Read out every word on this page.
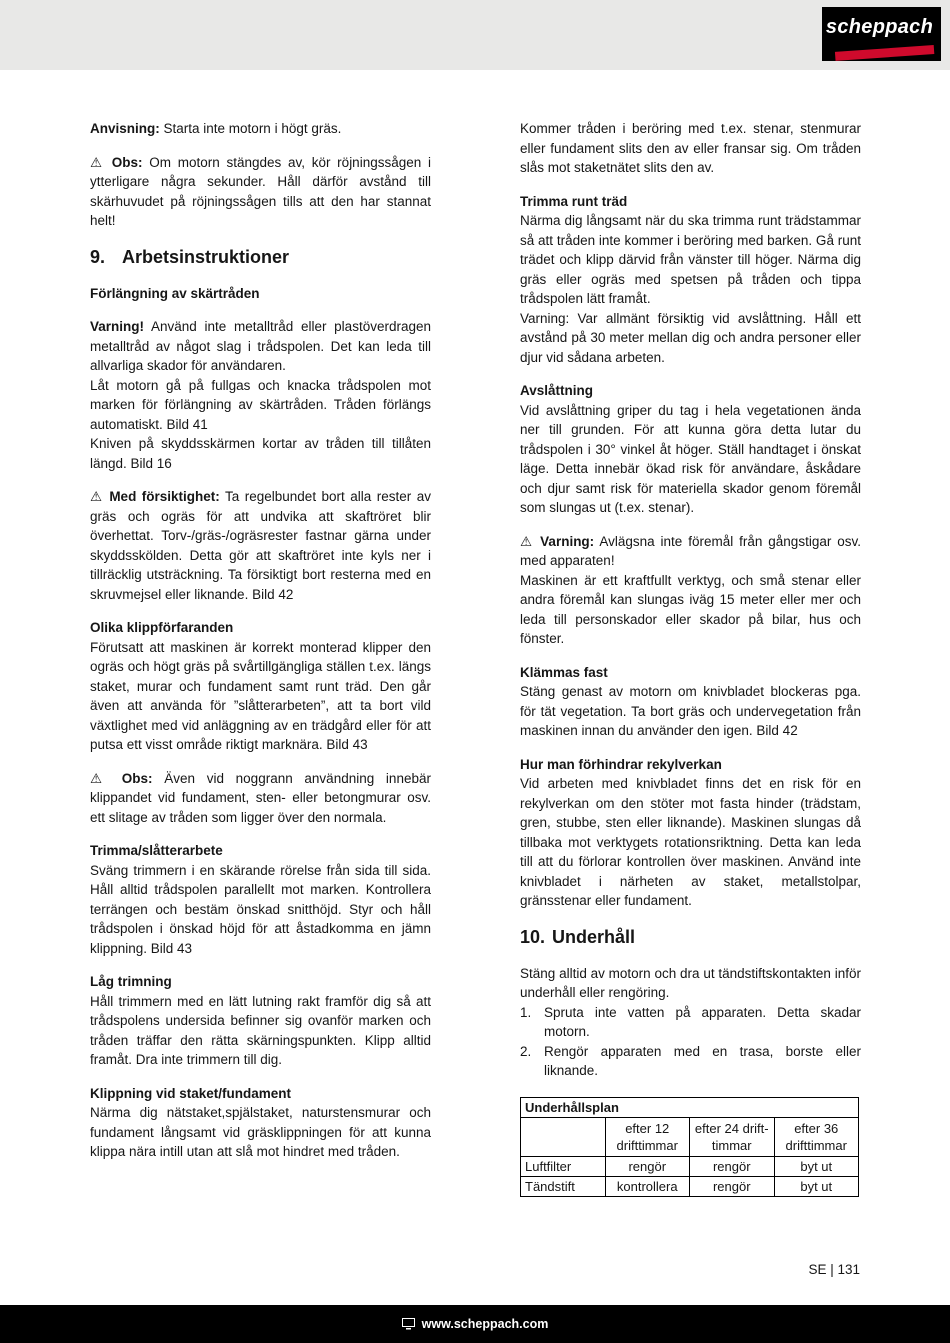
scheppach

Anvisning: Starta inte motorn i högt gräs.

⚠ Obs: Om motorn stängdes av, kör röjningssågen i ytterligare några sekunder. Håll därför avstånd till skärhuvudet på röjningssågen tills att den har stannat helt!

9. Arbetsinstruktioner
Förlängning av skärtråden

Varning! Använd inte metalltråd eller plastöverdragen metalltråd av något slag i trådspolen. Det kan leda till allvarliga skador för användaren.

Låt motorn gå på fullgas och knacka trådspolen mot marken för förlängning av skärtråden. Tråden förlängs automatiskt. Bild 41

Kniven på skyddsskärmen kortar av tråden till tillåten längd. Bild 16

⚠ Med försiktighet: Ta regelbundet bort alla rester av gräs och ogräs för att undvika att skaftröret blir överhettat. Torv-/gräs-/ogräsrester fastnar gärna under skyddsskölden. Detta gör att skaftröret inte kyls ner i tillräcklig utsträckning. Ta försiktigt bort resterna med en skruvmejsel eller liknande. Bild 42

Olika klippförfaranden

Förutsatt att maskinen är korrekt monterad klipper den ogräs och högt gräs på svårtillgängliga ställen t.ex. längs staket, murar och fundament samt runt träd. Den går även att använda för ”slåtterarbeten”, att ta bort vild växtlighet med vid anläggning av en trädgård eller för att putsa ett visst område riktigt marknära. Bild 43

⚠ Obs: Även vid noggrann användning innebär klippandet vid fundament, sten- eller betongmurar osv. ett slitage av tråden som ligger över den normala.

Trimma/slåtterarbete

Sväng trimmern i en skärande rörelse från sida till sida. Håll alltid trådspolen parallellt mot marken. Kontrollera terrängen och bestäm önskad snitthöjd. Styr och håll trådspolen i önskad höjd för att åstadkomma en jämn klippning. Bild 43

Låg trimning

Håll trimmern med en lätt lutning rakt framför dig så att trådspolens undersida befinner sig ovanför marken och tråden träffar den rätta skärningspunkten. Klipp alltid framåt. Dra inte trimmern till dig.

Klippning vid staket/fundament

Närma dig nätstaket,spjälstaket, naturstensmurar och fundament långsamt vid gräsklippningen för att kunna klippa nära intill utan att slå mot hindret med tråden.

Kommer tråden i beröring med t.ex. stenar, stenmurar eller fundament slits den av eller fransar sig. Om tråden slås mot staketnätet slits den av.

Trimma runt träd

Närma dig långsamt när du ska trimma runt trädstammar så att tråden inte kommer i beröring med barken. Gå runt trädet och klipp därvid från vänster till höger. Närma dig gräs eller ogräs med spetsen på tråden och tippa trådspolen lätt framåt.

Varning: Var allmänt försiktig vid avslåttning. Håll ett avstånd på 30 meter mellan dig och andra personer eller djur vid sådana arbeten.

Avslåttning

Vid avslåttning griper du tag i hela vegetationen ända ner till grunden. För att kunna göra detta lutar du trådspolen i 30° vinkel åt höger. Ställ handtaget i önskat läge. Detta innebär ökad risk för användare, åskådare och djur samt risk för materiella skador genom föremål som slungas ut (t.ex. stenar).

⚠ Varning: Avlägsna inte föremål från gångstigar osv. med apparaten!

Maskinen är ett kraftfullt verktyg, och små stenar eller andra föremål kan slungas iväg 15 meter eller mer och leda till personskador eller skador på bilar, hus och fönster.

Klämmas fast

Stäng genast av motorn om knivbladet blockeras pga. för tät vegetation. Ta bort gräs och undervegetation från maskinen innan du använder den igen. Bild 42

Hur man förhindrar rekylverkan

Vid arbeten med knivbladet finns det en risk för en rekylverkan om den stöter mot fasta hinder (trädstam, gren, stubbe, sten eller liknande). Maskinen slungas då tillbaka mot verktygets rotationsriktning. Detta kan leda till att du förlorar kontrollen över maskinen. Använd inte knivbladet i närheten av staket, metallstolpar, gränsstenar eller fundament.

10. Underhåll

Stäng alltid av motorn och dra ut tändstiftskontakten inför underhåll eller rengöring.

1. Spruta inte vatten på apparaten. Detta skadar motorn.
2. Rengör apparaten med en trasa, borste eller liknande.
Underhållsplan			
	efter 12 drifttimmar	efter 24 drift-timmar	efter 36 drifttimmar
Luftfilter	rengör	rengör	byt ut
Tändstift	kontrollera	rengör	byt ut
SE | 131
www.scheppach.com
